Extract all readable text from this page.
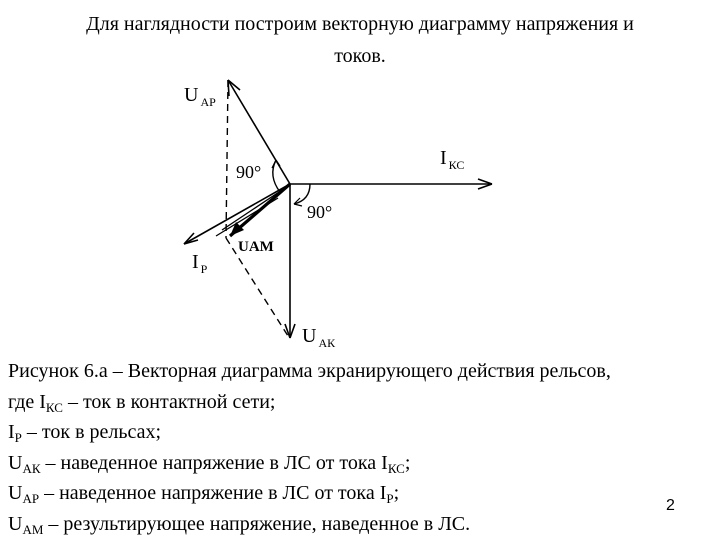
Для наглядности построим векторную диаграмму напряжения и
токов.
U $_{АР}$
I $_{КС}$
I $_Р$
U $_{АК}$
UАМ
90°
90°
Рисунок 6.а – Векторная диаграмма экранирующего действия рельсов,
где $I_{КС}$ – ток в контактной сети;
$I_Р$ – ток в рельсах;
$U_{АК}$ – наведенное напряжение в ЛС от тока $I_{КС}$;
$U_{АР}$ – наведенное напряжение в ЛС от тока $I_Р$;
$U_{АМ}$ – результирующее напряжение, наведенное в ЛС.
2
